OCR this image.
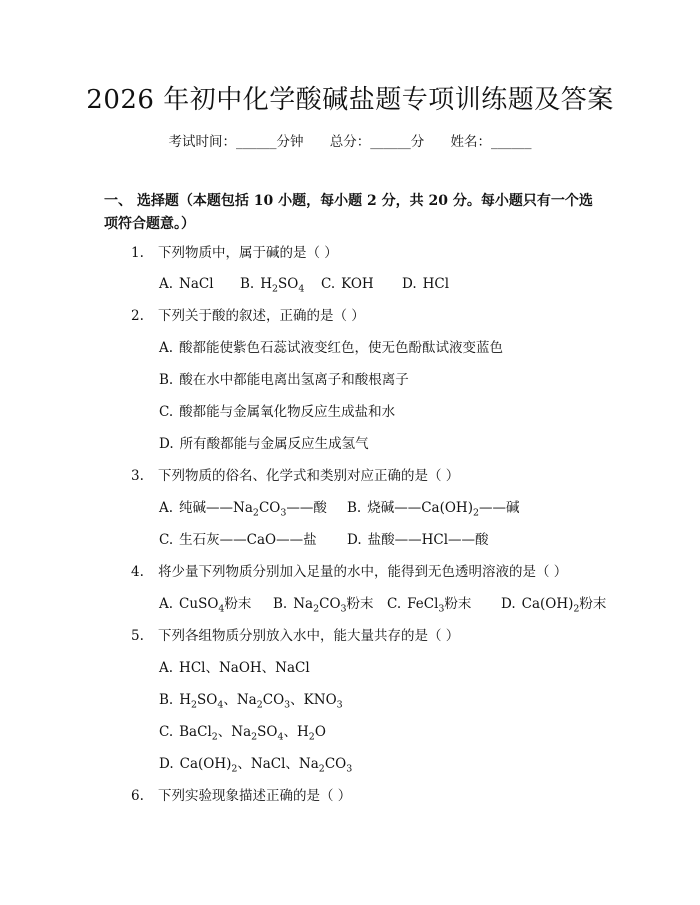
2026 年初中化学酸碱盐题专项训练题及答案
考试时间：______分钟 总分：______分 姓名：______
一、 选择题（本题包括 10 小题，每小题 2 分，共 20 分。每小题只有一个选项符合题意。）
1. 下列物质中，属于碱的是（ ）
A. NaCl B. $H_2SO_4$ C. KOH D. HCl
2. 下列关于酸的叙述，正确的是（ ）
A. 酸都能使紫色石蕊试液变红色，使无色酚酞试液变蓝色
B. 酸在水中都能电离出氢离子和酸根离子
C. 酸都能与金属氧化物反应生成盐和水
D. 所有酸都能与金属反应生成氢气
3. 下列物质的俗名、化学式和类别对应正确的是（ ）
A. 纯碱$——Na_2CO_3——$酸 B. 烧碱$——Ca(OH)_2——$碱
C. 生石灰——CaO——盐 D. 盐酸——HCl——酸
4. 将少量下列物质分别加入足量的水中，能得到无色透明溶液的是（ ）
A. CuSO$_4$粉末 B. $Na_2CO_3$粉末 C. FeCl$_3$粉末 D. $Ca(OH)_2$粉末
5. 下列各组物质分别放入水中，能大量共存的是（ ）
A. HCl、NaOH、NaCl
B. $H_2SO_4$、$Na_2CO_3$、$KNO_3$
C. BaCl$_2$、$Na_2SO_4$、$H_2O$
D. $Ca(OH)_2$、NaCl、$Na_2CO_3$
6. 下列实验现象描述正确的是（ ）
